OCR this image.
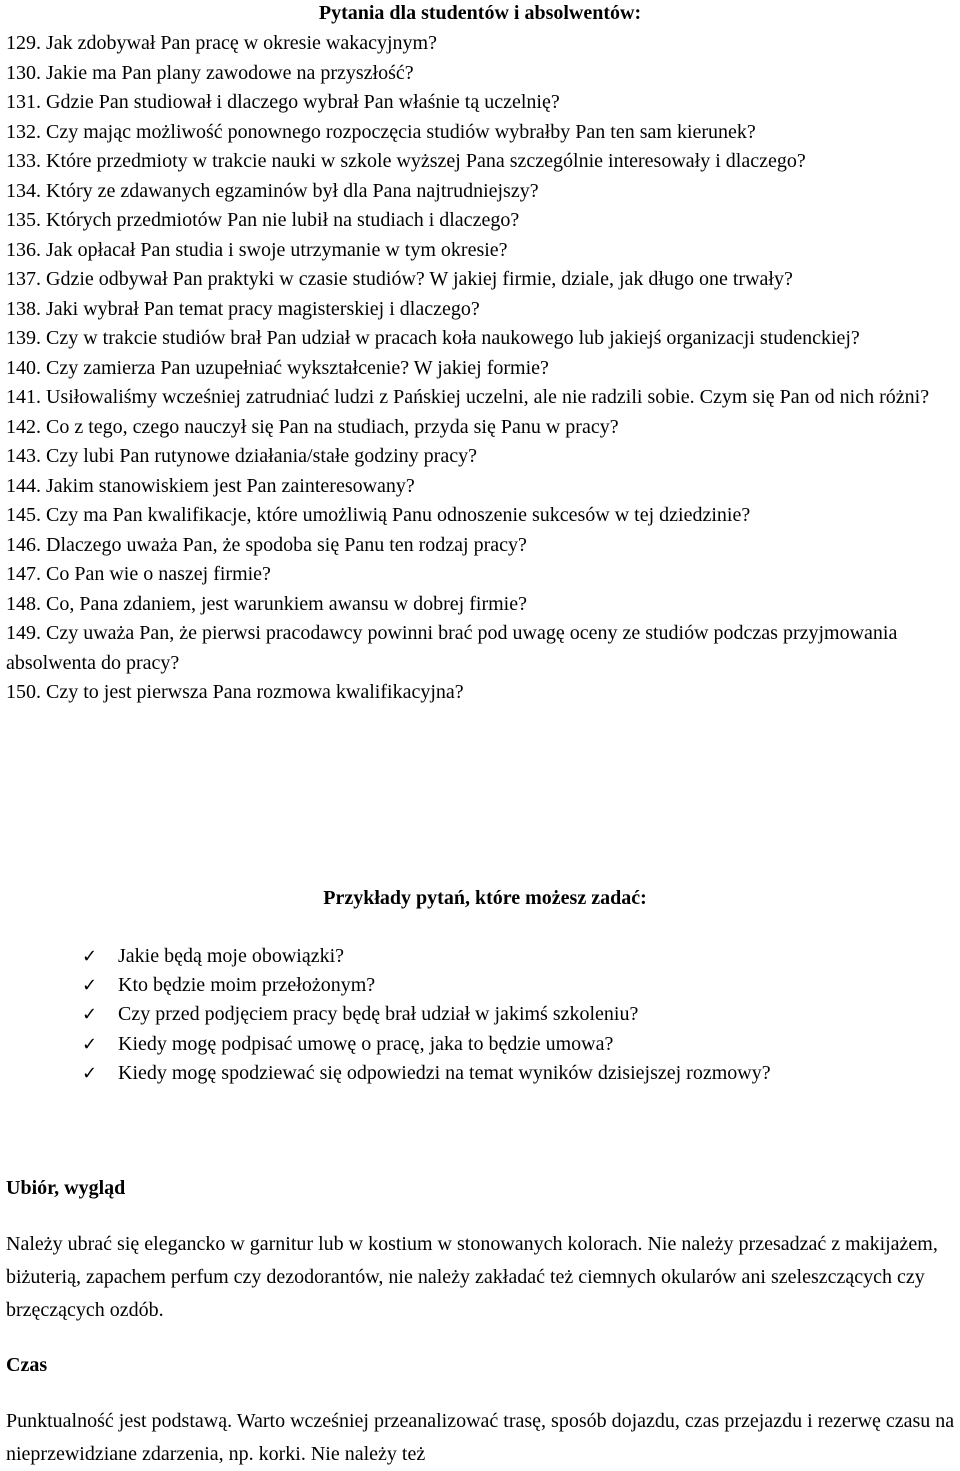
Pytania dla studentów i absolwentów:

129. Jak zdobywał Pan pracę w okresie wakacyjnym?

130. Jakie ma Pan plany zawodowe na przyszłość?

131. Gdzie Pan studiował i dlaczego wybrał Pan właśnie tą uczelnię?

132. Czy mając możliwość ponownego rozpoczęcia studiów wybrałby Pan ten sam kierunek?

133. Które przedmioty w trakcie nauki w szkole wyższej Pana szczególnie interesowały i dlaczego?

134. Który ze zdawanych egzaminów był dla Pana najtrudniejszy?

135. Których przedmiotów Pan nie lubił na studiach i dlaczego?

136. Jak opłacał Pan studia i swoje utrzymanie w tym okresie?

137. Gdzie odbywał Pan praktyki w czasie studiów? W jakiej firmie, dziale, jak długo one trwały?

138. Jaki wybrał Pan temat pracy magisterskiej i dlaczego?

139. Czy w trakcie studiów brał Pan udział w pracach koła naukowego lub jakiejś organizacji studenckiej?

140. Czy zamierza Pan uzupełniać wykształcenie? W jakiej formie?

141. Usiłowaliśmy wcześniej zatrudniać ludzi z Pańskiej uczelni, ale nie radzili sobie. Czym się Pan od nich różni?

142. Co z tego, czego nauczył się Pan na studiach, przyda się Panu w pracy?

143. Czy lubi Pan rutynowe działania/stałe godziny pracy?

144. Jakim stanowiskiem jest Pan zainteresowany?

145. Czy ma Pan kwalifikacje, które umożliwią Panu odnoszenie sukcesów w tej dziedzinie?

146. Dlaczego uważa Pan, że spodoba się Panu ten rodzaj pracy?

147. Co Pan wie o naszej firmie?

148. Co, Pana zdaniem, jest warunkiem awansu w dobrej firmie?

149. Czy uważa Pan, że pierwsi pracodawcy powinni brać pod uwagę oceny ze studiów podczas przyjmowania absolwenta do pracy?

150. Czy to jest pierwsza Pana rozmowa kwalifikacyjna?

Przykłady pytań, które możesz zadać:
✓	Jakie będą moje obowiązki?
✓	Kto będzie moim przełożonym?
✓	Czy przed podjęciem pracy będę brał udział w jakimś szkoleniu?
✓	Kiedy mogę podpisać umowę o pracę, jaka to będzie umowa?
✓	Kiedy mogę spodziewać się odpowiedzi na temat wyników dzisiejszej rozmowy?
Ubiór, wygląd

Należy ubrać się elegancko w garnitur lub w kostium w stonowanych kolorach. Nie należy przesadzać z makijażem, biżuterią, zapachem perfum czy dezodorantów, nie należy zakładać też ciemnych okularów ani szeleszczących czy brzęczących ozdób.

Czas

Punktualność jest podstawą. Warto wcześniej przeanalizować trasę, sposób dojazdu, czas przejazdu i rezerwę czasu na nieprzewidziane zdarzenia, np. korki. Nie należy też
